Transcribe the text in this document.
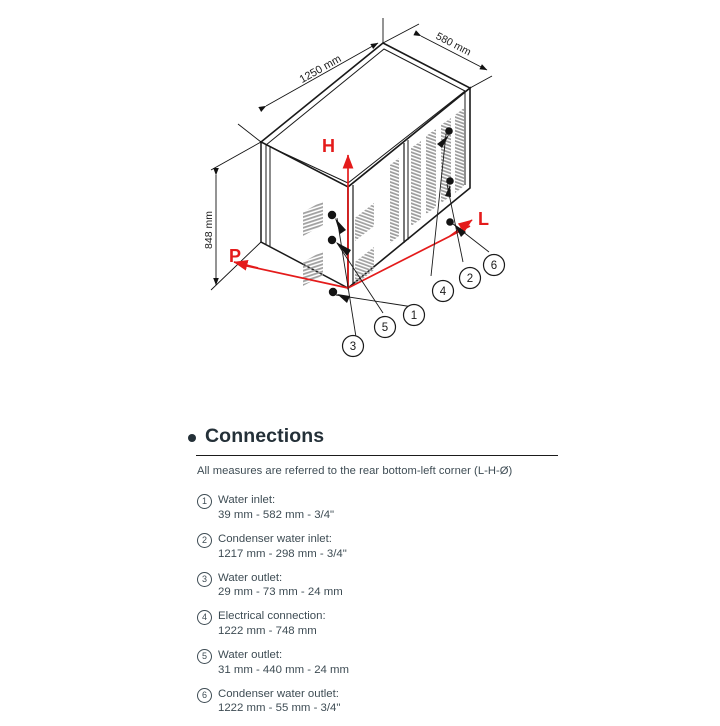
1250 mm
580 mm
848 mm
H
L
P
3
5
1
4
2
6
Connections
All measures are referred to the rear bottom-left corner (L-H-Ø)
1 Water inlet:
39 mm - 582 mm - 3/4"
2 Condenser water inlet:
1217 mm - 298 mm - 3/4"
3 Water outlet:
29 mm - 73 mm - 24 mm
4 Electrical connection:
1222 mm - 748 mm
5 Water outlet:
31 mm - 440 mm - 24 mm
6 Condenser water outlet:
1222 mm - 55 mm - 3/4"
